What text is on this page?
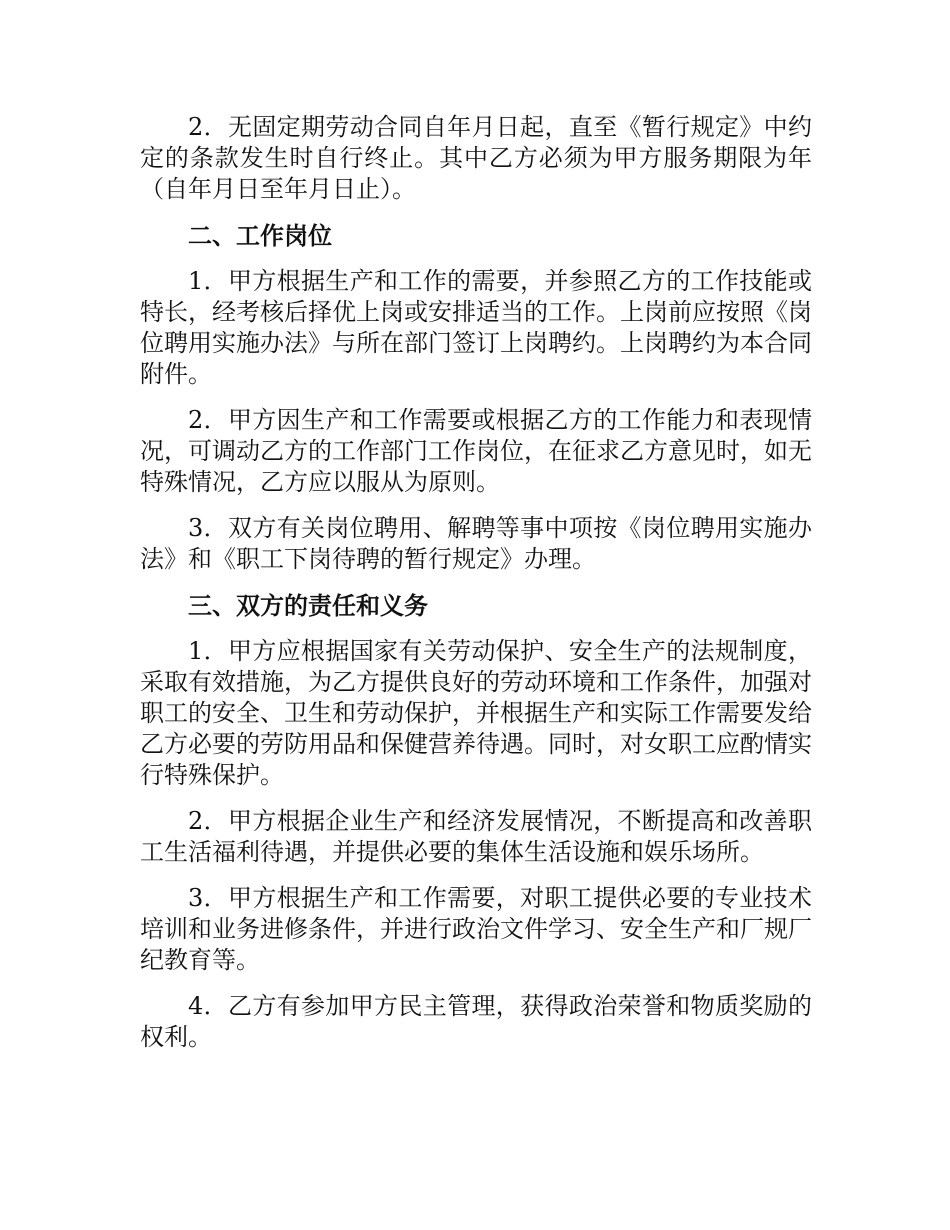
2．无固定期劳动合同自年月日起，直至《暂行规定》中约定的条款发生时自行终止。其中乙方必须为甲方服务期限为年（自年月日至年月日止）。

二、工作岗位

1．甲方根据生产和工作的需要，并参照乙方的工作技能或特长，经考核后择优上岗或安排适当的工作。上岗前应按照《岗位聘用实施办法》与所在部门签订上岗聘约。上岗聘约为本合同附件。

2．甲方因生产和工作需要或根据乙方的工作能力和表现情况，可调动乙方的工作部门工作岗位，在征求乙方意见时，如无特殊情况，乙方应以服从为原则。

3．双方有关岗位聘用、解聘等事中项按《岗位聘用实施办法》和《职工下岗待聘的暂行规定》办理。

三、双方的责任和义务

1．甲方应根据国家有关劳动保护、安全生产的法规制度，采取有效措施，为乙方提供良好的劳动环境和工作条件，加强对职工的安全、卫生和劳动保护，并根据生产和实际工作需要发给乙方必要的劳防用品和保健营养待遇。同时，对女职工应酌情实行特殊保护。

2．甲方根据企业生产和经济发展情况，不断提高和改善职工生活福利待遇，并提供必要的集体生活设施和娱乐场所。

3．甲方根据生产和工作需要，对职工提供必要的专业技术培训和业务进修条件，并进行政治文件学习、安全生产和厂规厂纪教育等。

4．乙方有参加甲方民主管理，获得政治荣誉和物质奖励的权利。
